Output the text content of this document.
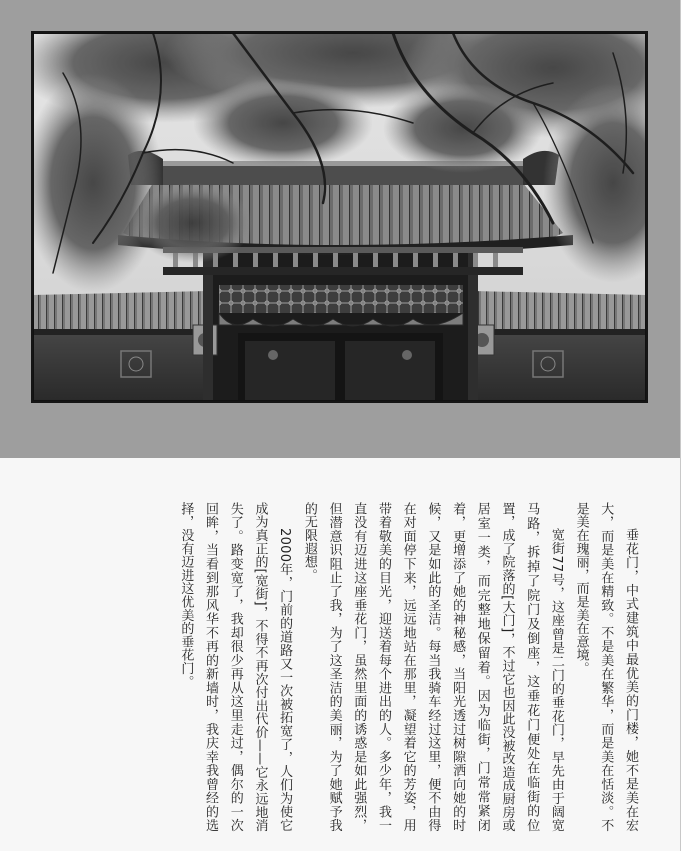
垂花门，中式建筑中最优美的门楼，她不是美在宏大，而是美在精致。不是美在繁华，而是美在恬淡。不是美在瑰丽，而是美在意境。

宽街77号，这座曾是二门的垂花门，早先由于阔宽马路，拆掉了院门及倒座，这垂花门便处在临街的位置，成了院落的[大门]，不过它也因此没被改造成厨房或居室一类，而完整地保留着。因为临街，门常常紧闭着，更增添了她的神秘感，当阳光透过树隙洒向她的时候，又是如此的圣洁。每当我骑车经过这里，便不由得在对面停下来，远远地站在那里，凝望着它的芳姿，用带着敬美的目光，迎送着每个进出的人。多少年，我一直没有迈进这座垂花门，虽然里面的诱惑是如此强烈，但潜意识阻止了我，为了这圣洁的美丽，为了她赋予我的无限遐想。

2000年，门前的道路又一次被拓宽了，人们为使它成为真正的[宽街]，不得不再次付出代价——它永远地消失了。路变宽了，我却很少再从这里走过，偶尔的一次回眸，当看到那风华不再的新墙时，我庆幸我曾经的选择，没有迈进这优美的垂花门。
